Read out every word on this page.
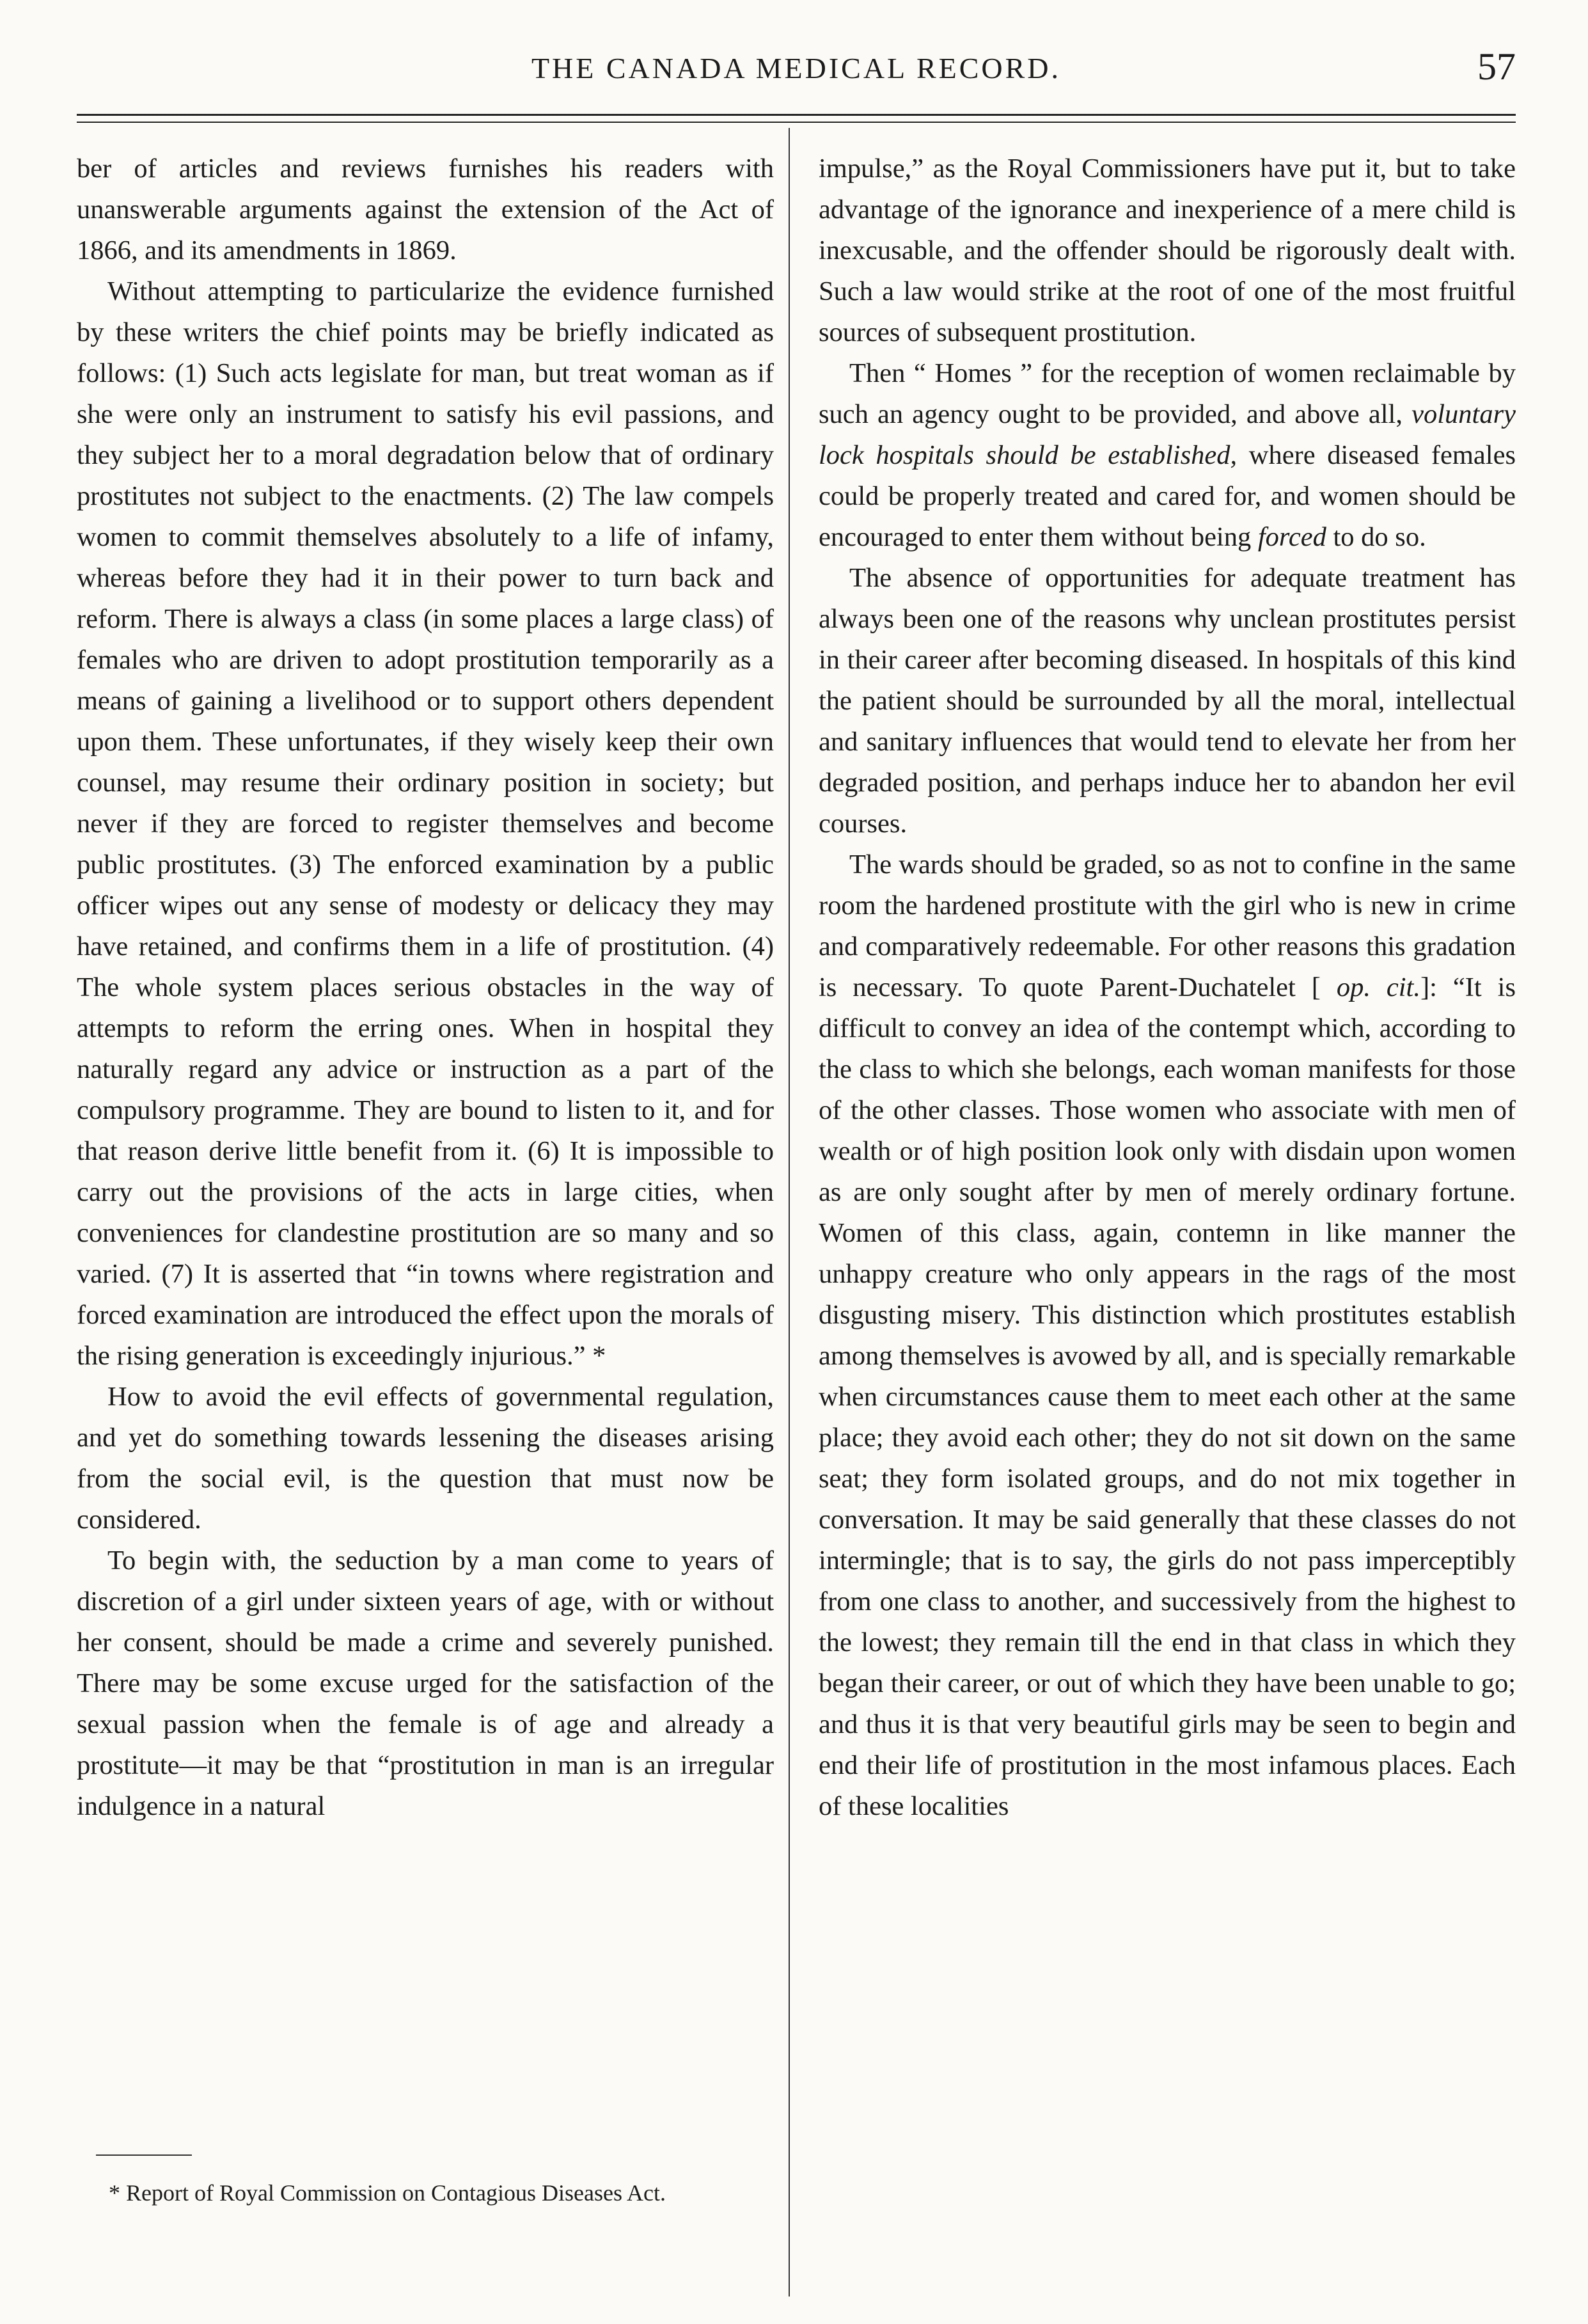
THE CANADA MEDICAL RECORD.	57

ber of articles and reviews furnishes his readers with unanswerable arguments against the extension of the Act of 1866, and its amendments in 1869.

Without attempting to particularize the evidence furnished by these writers the chief points may be briefly indicated as follows: (1) Such acts legislate for man, but treat woman as if she were only an instrument to satisfy his evil passions, and they subject her to a moral degradation below that of ordinary prostitutes not subject to the enactments. (2) The law compels women to commit themselves absolutely to a life of infamy, whereas before they had it in their power to turn back and reform. There is always a class (in some places a large class) of females who are driven to adopt prostitution temporarily as a means of gaining a livelihood or to support others dependent upon them. These unfortunates, if they wisely keep their own counsel, may resume their ordinary position in society; but never if they are forced to register themselves and become public prostitutes. (3) The enforced examination by a public officer wipes out any sense of modesty or delicacy they may have retained, and confirms them in a life of prostitution. (4) The whole system places serious obstacles in the way of attempts to reform the erring ones. When in hospital they naturally regard any advice or instruction as a part of the compulsory programme. They are bound to listen to it, and for that reason derive little benefit from it. (6) It is impossible to carry out the provisions of the acts in large cities, when conveniences for clandestine prostitution are so many and so varied. (7) It is asserted that “in towns where registration and forced examination are introduced the effect upon the morals of the rising generation is exceedingly injurious.” *

How to avoid the evil effects of governmental regulation, and yet do something towards lessening the diseases arising from the social evil, is the question that must now be considered.

To begin with, the seduction by a man come to years of discretion of a girl under sixteen years of age, with or without her consent, should be made a crime and severely punished. There may be some excuse urged for the satisfaction of the sexual passion when the female is of age and already a prostitute—it may be that “prostitution in man is an irregular indulgence in a natural

impulse,” as the Royal Commissioners have put it, but to take advantage of the ignorance and inexperience of a mere child is inexcusable, and the offender should be rigorously dealt with. Such a law would strike at the root of one of the most fruitful sources of subsequent prostitution.

Then “ Homes ” for the reception of women reclaimable by such an agency ought to be provided, and above all, voluntary lock hospitals should be established, where diseased females could be properly treated and cared for, and women should be encouraged to enter them without being forced to do so.

The absence of opportunities for adequate treatment has always been one of the reasons why unclean prostitutes persist in their career after becoming diseased. In hospitals of this kind the patient should be surrounded by all the moral, intellectual and sanitary influences that would tend to elevate her from her degraded position, and perhaps induce her to abandon her evil courses.

The wards should be graded, so as not to confine in the same room the hardened prostitute with the girl who is new in crime and comparatively redeemable. For other reasons this gradation is necessary. To quote Parent-Duchatelet [ op. cit.]: “It is difficult to convey an idea of the contempt which, according to the class to which she belongs, each woman manifests for those of the other classes. Those women who associate with men of wealth or of high position look only with disdain upon women as are only sought after by men of merely ordinary fortune. Women of this class, again, contemn in like manner the unhappy creature who only appears in the rags of the most disgusting misery. This distinction which prostitutes establish among themselves is avowed by all, and is specially remarkable when circumstances cause them to meet each other at the same place; they avoid each other; they do not sit down on the same seat; they form isolated groups, and do not mix together in conversation. It may be said generally that these classes do not intermingle; that is to say, the girls do not pass imperceptibly from one class to another, and successively from the highest to the lowest; they remain till the end in that class in which they began their career, or out of which they have been unable to go; and thus it is that very beautiful girls may be seen to begin and end their life of prostitution in the most infamous places. Each of these localities

* Report of Royal Commission on Contagious Diseases Act.
